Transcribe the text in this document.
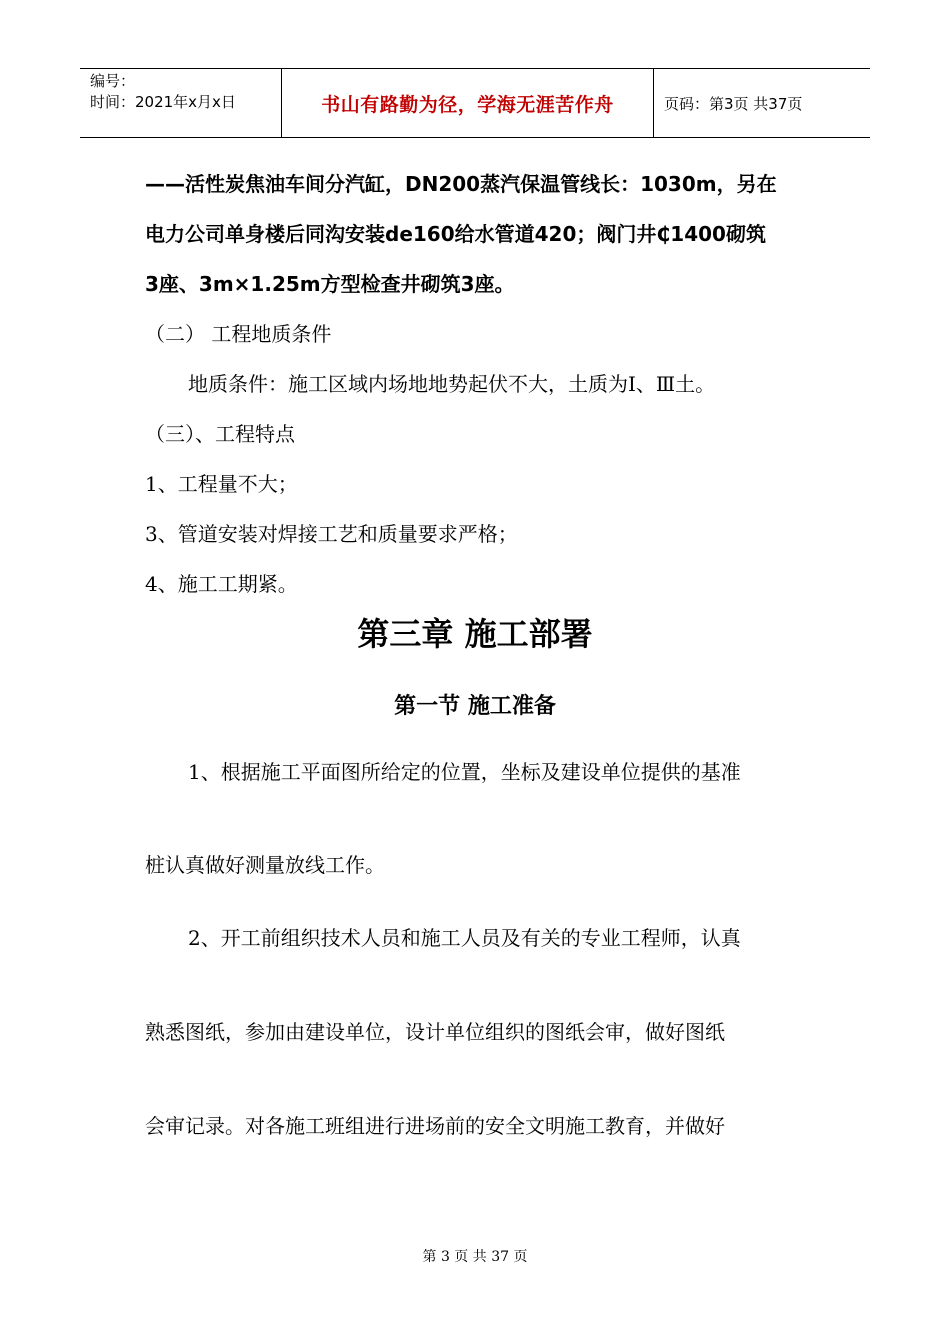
编号：
时间：2021年x月x日	书山有路勤为径，学海无涯苦作舟	页码：第3页 共37页
——活性炭焦油车间分汽缸，DN200蒸汽保温管线长：1030m，另在
电力公司单身楼后同沟安装de160给水管道420；阀门井₵1400砌筑
3座、3m×1.25m方型检查井砌筑3座。
（二） 工程地质条件
地质条件：施工区域内场地地势起伏不大，土质为Ⅰ、Ⅲ土。
（三）、工程特点
1、工程量不大；
3、管道安装对焊接工艺和质量要求严格；
4、施工工期紧。
第三章 施工部署
第一节 施工准备
1、根据施工平面图所给定的位置，坐标及建设单位提供的基准
桩认真做好测量放线工作。
2、开工前组织技术人员和施工人员及有关的专业工程师，认真
熟悉图纸，参加由建设单位，设计单位组织的图纸会审，做好图纸
会审记录。对各施工班组进行进场前的安全文明施工教育，并做好
第 3 页 共 37 页
